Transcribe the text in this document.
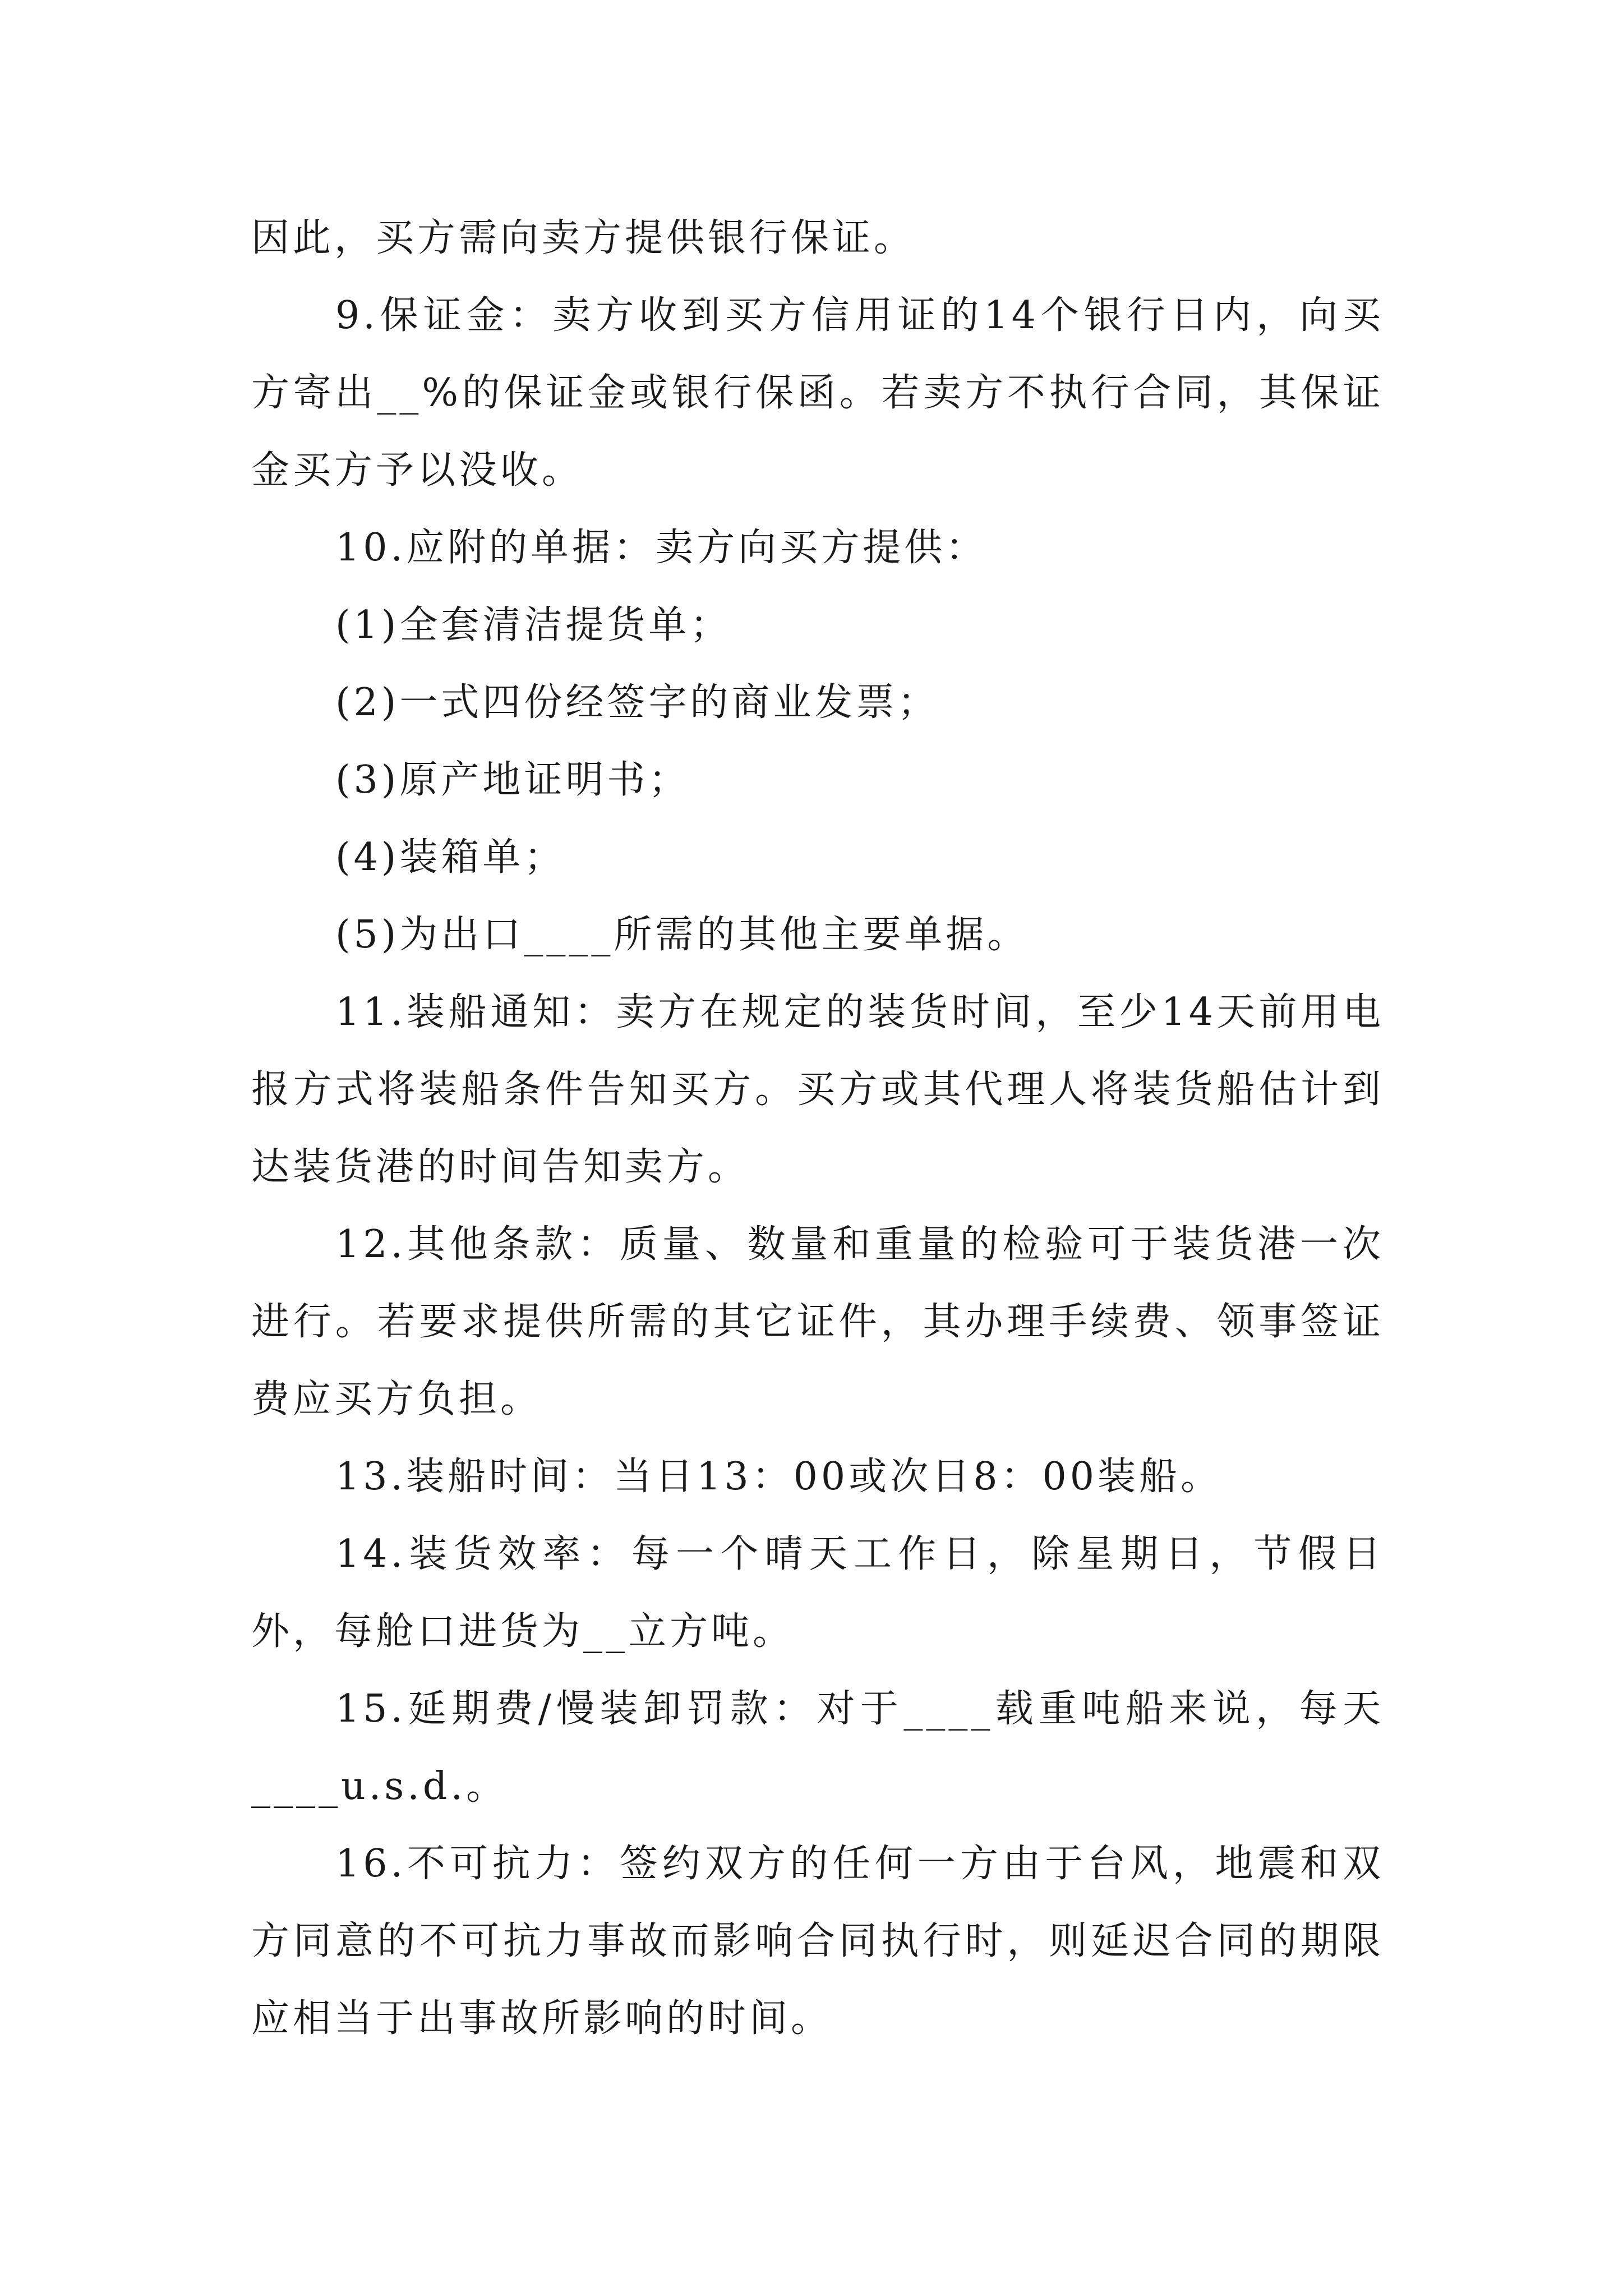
因此，买方需向卖方提供银行保证。

9.保证金：卖方收到买方信用证的14个银行日内，向买方寄出__%的保证金或银行保函。若卖方不执行合同，其保证金买方予以没收。

10.应附的单据：卖方向买方提供：

(1)全套清洁提货单；

(2)一式四份经签字的商业发票；

(3)原产地证明书；

(4)装箱单；

(5)为出口____所需的其他主要单据。

11.装船通知：卖方在规定的装货时间，至少14天前用电报方式将装船条件告知买方。买方或其代理人将装货船估计到达装货港的时间告知卖方。

12.其他条款：质量、数量和重量的检验可于装货港一次进行。若要求提供所需的其它证件，其办理手续费、领事签证费应买方负担。

13.装船时间：当日13：00或次日8：00装船。

14.装货效率：每一个晴天工作日，除星期日，节假日外，每舱口进货为__立方吨。

15.延期费/慢装卸罚款：对于____载重吨船来说，每天____u.s.d.。

16.不可抗力：签约双方的任何一方由于台风，地震和双方同意的不可抗力事故而影响合同执行时，则延迟合同的期限应相当于出事故所影响的时间。
